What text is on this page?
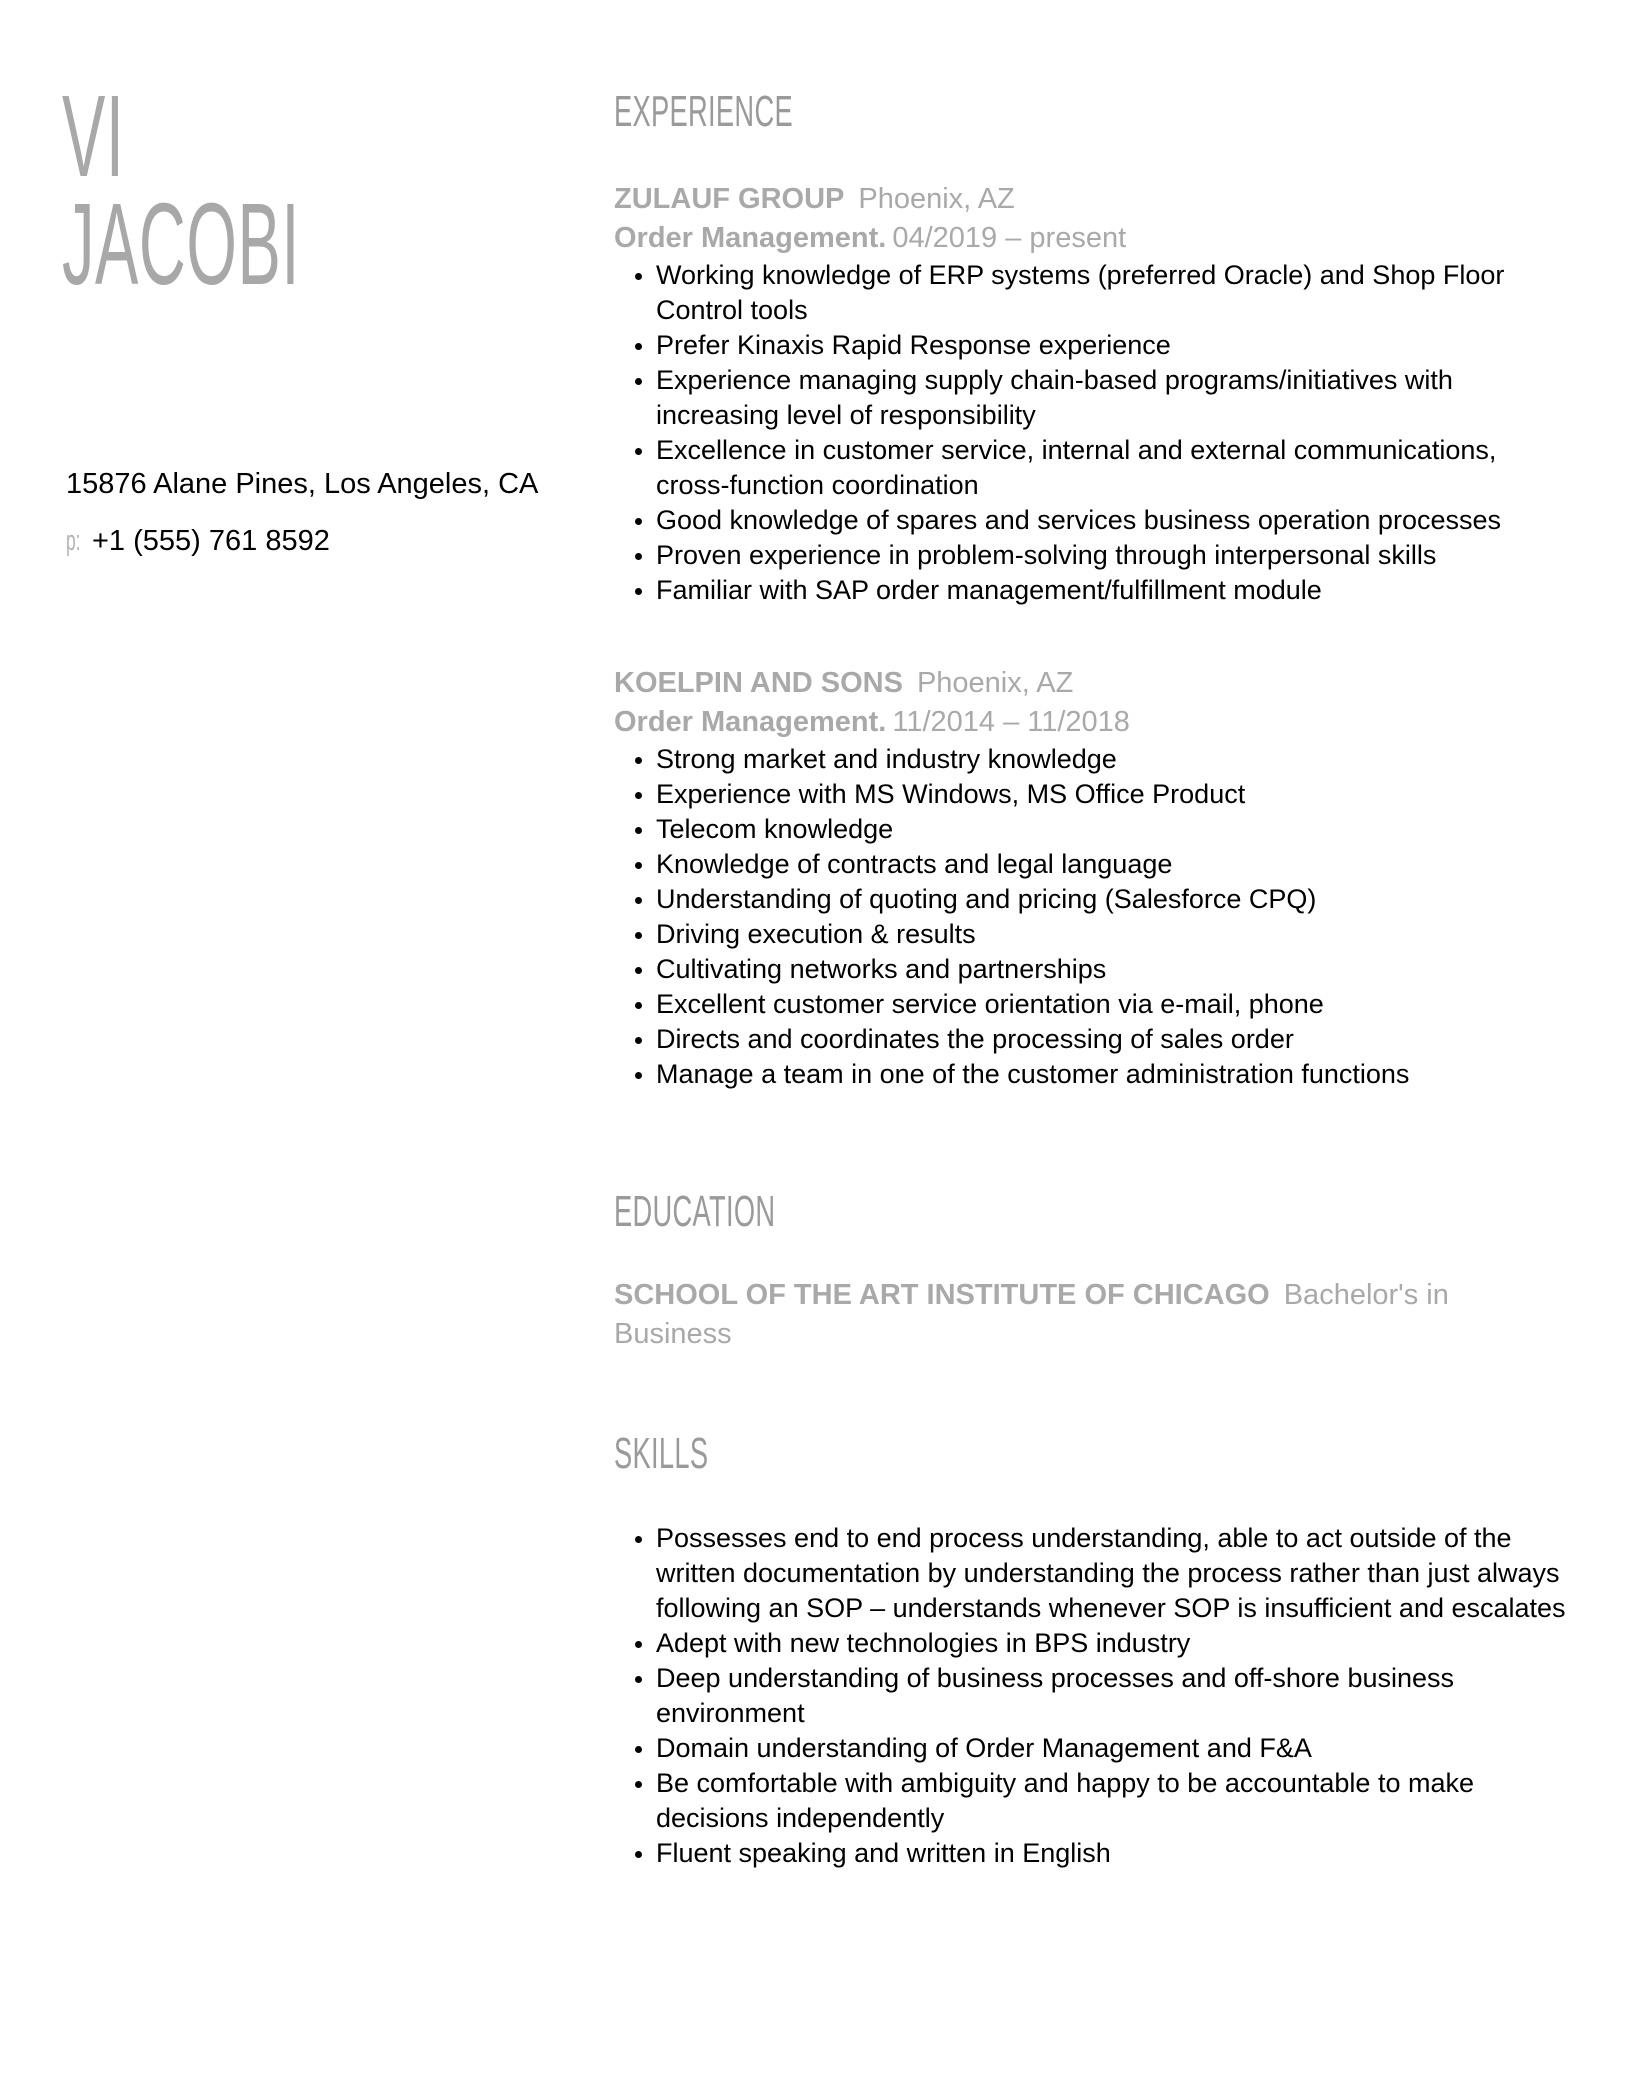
VI
JACOBI
15876 Alane Pines, Los Angeles, CA
p: +1 (555) 761 8592
EXPERIENCE
ZULAUF GROUP Phoenix, AZ
Order Management. 04/2019 – present
Working knowledge of ERP systems (preferred Oracle) and Shop Floor Control tools
Prefer Kinaxis Rapid Response experience
Experience managing supply chain-based programs/initiatives with increasing level of responsibility
Excellence in customer service, internal and external communications, cross-function coordination
Good knowledge of spares and services business operation processes
Proven experience in problem-solving through interpersonal skills
Familiar with SAP order management/fulfillment module
KOELPIN AND SONS Phoenix, AZ
Order Management. 11/2014 – 11/2018
Strong market and industry knowledge
Experience with MS Windows, MS Office Product
Telecom knowledge
Knowledge of contracts and legal language
Understanding of quoting and pricing (Salesforce CPQ)
Driving execution & results
Cultivating networks and partnerships
Excellent customer service orientation via e-mail, phone
Directs and coordinates the processing of sales order
Manage a team in one of the customer administration functions
EDUCATION
SCHOOL OF THE ART INSTITUTE OF CHICAGO Bachelor's in Business
SKILLS
Possesses end to end process understanding, able to act outside of the written documentation by understanding the process rather than just always following an SOP – understands whenever SOP is insufficient and escalates
Adept with new technologies in BPS industry
Deep understanding of business processes and off-shore business environment
Domain understanding of Order Management and F&A
Be comfortable with ambiguity and happy to be accountable to make decisions independently
Fluent speaking and written in English
